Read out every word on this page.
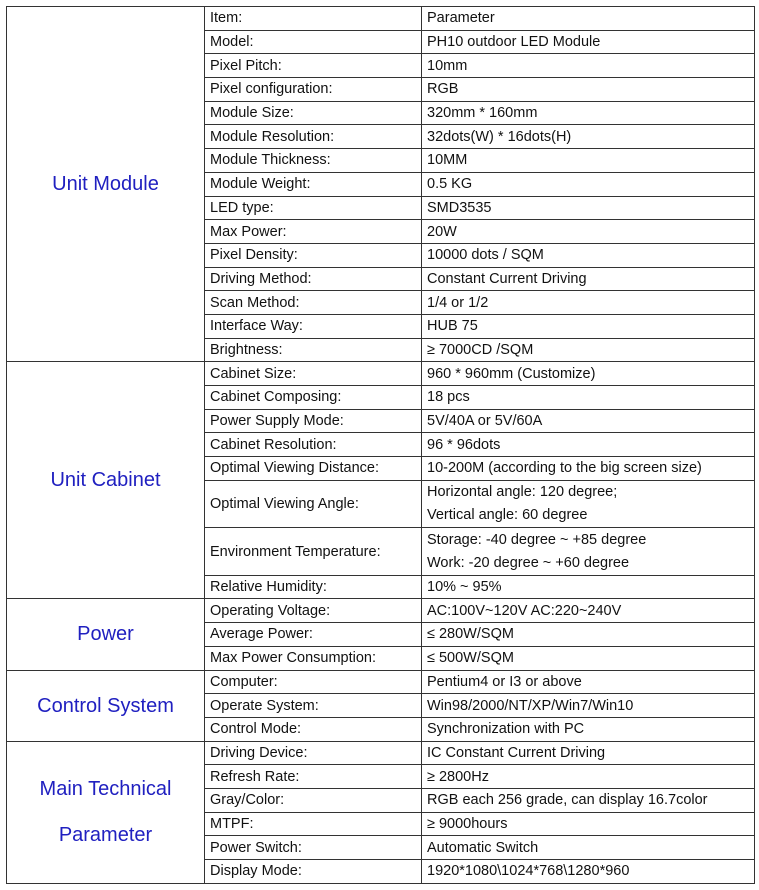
Unit Module	Item:	Parameter
	Model:	PH10 outdoor LED Module
	Pixel Pitch:	10mm
	Pixel configuration:	RGB
	Module Size:	320mm * 160mm
	Module Resolution:	32dots(W) * 16dots(H)
	Module Thickness:	10MM
	Module Weight:	0.5 KG
	LED type:	SMD3535
	Max Power:	20W
	Pixel Density:	10000 dots / SQM
	Driving Method:	Constant Current Driving
	Scan Method:	1/4 or 1/2
	Interface Way:	HUB 75
	Brightness:	≥ 7000CD /SQM
Unit Cabinet	Cabinet Size:	960 * 960mm (Customize)
	Cabinet Composing:	18 pcs
	Power Supply Mode:	5V/40A or 5V/60A
	Cabinet Resolution:	96 * 96dots
	Optimal Viewing Distance:	10-200M (according to the big screen size)
	Optimal Viewing Angle:	Horizontal angle: 120 degree;
Vertical angle: 60 degree

	Environment Temperature:	Storage: -40 degree ~ +85 degree
Work: -20 degree ~ +60 degree

	Relative Humidity:	10% ~ 95%
Power	Operating Voltage:	AC:100V~120V AC:220~240V
	Average Power:	≤ 280W/SQM
	Max Power Consumption:	≤ 500W/SQM
Control System	Computer:	Pentium4 or I3 or above
	Operate System:	Win98/2000/NT/XP/Win7/Win10
	Control Mode:	Synchronization with PC

Main Technical
Parameter	Driving Device:	IC Constant Current Driving
	Refresh Rate:	≥ 2800Hz
	Gray/Color:	RGB each 256 grade, can display 16.7color
	MTPF:	≥ 9000hours
	Power Switch:	Automatic Switch
	Display Mode:	1920*1080\1024*768\1280*960
